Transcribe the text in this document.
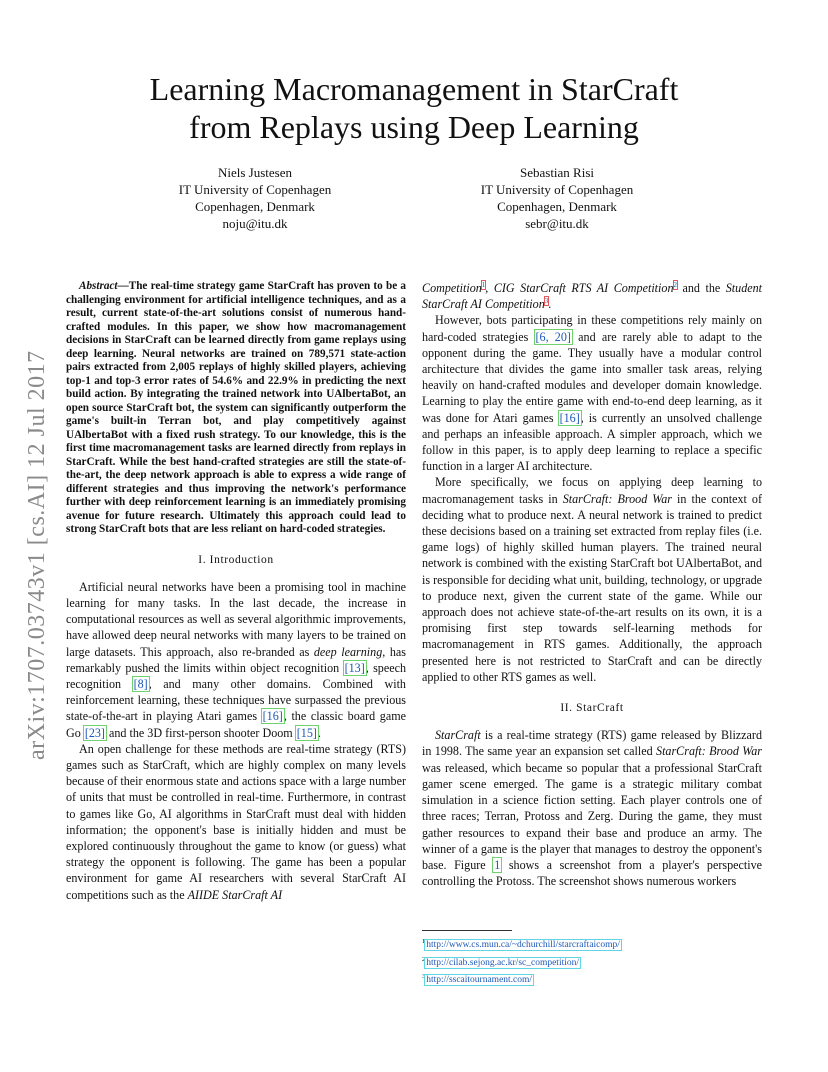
arXiv:1707.03743v1 [cs.AI] 12 Jul 2017
Learning Macromanagement in StarCraft
from Replays using Deep Learning
Niels Justesen
IT University of Copenhagen
Copenhagen, Denmark
noju@itu.dk
Sebastian Risi
IT University of Copenhagen
Copenhagen, Denmark
sebr@itu.dk

Abstract—The real-time strategy game StarCraft has proven to be a challenging environment for artificial intelligence techniques, and as a result, current state-of-the-art solutions consist of numerous hand-crafted modules. In this paper, we show how macromanagement decisions in StarCraft can be learned directly from game replays using deep learning. Neural networks are trained on 789,571 state-action pairs extracted from 2,005 replays of highly skilled players, achieving top-1 and top-3 error rates of 54.6% and 22.9% in predicting the next build action. By integrating the trained network into UAlbertaBot, an open source StarCraft bot, the system can significantly outperform the game's built-in Terran bot, and play competitively against UAlbertaBot with a fixed rush strategy. To our knowledge, this is the first time macromanagement tasks are learned directly from replays in StarCraft. While the best hand-crafted strategies are still the state-of-the-art, the deep network approach is able to express a wide range of different strategies and thus improving the network's performance further with deep reinforcement learning is an immediately promising avenue for future research. Ultimately this approach could lead to strong StarCraft bots that are less reliant on hard-coded strategies.

I. Introduction

Artificial neural networks have been a promising tool in machine learning for many tasks. In the last decade, the increase in computational resources as well as several algorithmic improvements, have allowed deep neural networks with many layers to be trained on large datasets. This approach, also re-branded as deep learning, has remarkably pushed the limits within object recognition [13], speech recognition [8], and many other domains. Combined with reinforcement learning, these techniques have surpassed the previous state-of-the-art in playing Atari games [16], the classic board game Go [23] and the 3D first-person shooter Doom [15].

An open challenge for these methods are real-time strategy (RTS) games such as StarCraft, which are highly complex on many levels because of their enormous state and actions space with a large number of units that must be controlled in real-time. Furthermore, in contrast to games like Go, AI algorithms in StarCraft must deal with hidden information; the opponent's base is initially hidden and must be explored continuously throughout the game to know (or guess) what strategy the opponent is following. The game has been a popular environment for game AI researchers with several StarCraft AI competitions such as the AIIDE StarCraft AI

Competition$^1$, CIG StarCraft RTS AI Competition$^2$ and the Student StarCraft AI Competition$^3$.

However, bots participating in these competitions rely mainly on hard-coded strategies [6, 20] and are rarely able to adapt to the opponent during the game. They usually have a modular control architecture that divides the game into smaller task areas, relying heavily on hand-crafted modules and developer domain knowledge. Learning to play the entire game with end-to-end deep learning, as it was done for Atari games [16], is currently an unsolved challenge and perhaps an infeasible approach. A simpler approach, which we follow in this paper, is to apply deep learning to replace a specific function in a larger AI architecture.

More specifically, we focus on applying deep learning to macromanagement tasks in StarCraft: Brood War in the context of deciding what to produce next. A neural network is trained to predict these decisions based on a training set extracted from replay files (i.e. game logs) of highly skilled human players. The trained neural network is combined with the existing StarCraft bot UAlbertaBot, and is responsible for deciding what unit, building, technology, or upgrade to produce next, given the current state of the game. While our approach does not achieve state-of-the-art results on its own, it is a promising first step towards self-learning methods for macromanagement in RTS games. Additionally, the approach presented here is not restricted to StarCraft and can be directly applied to other RTS games as well.

II. StarCraft

StarCraft is a real-time strategy (RTS) game released by Blizzard in 1998. The same year an expansion set called StarCraft: Brood War was released, which became so popular that a professional StarCraft gamer scene emerged. The game is a strategic military combat simulation in a science fiction setting. Each player controls one of three races; Terran, Protoss and Zerg. During the game, they must gather resources to expand their base and produce an army. The winner of a game is the player that manages to destroy the opponent's base. Figure 1 shows a screenshot from a player's perspective controlling the Protoss. The screenshot shows numerous workers

$^1$http://www.cs.mun.ca/~dchurchill/starcraftaicomp/
$^2$http://cilab.sejong.ac.kr/sc_competition/
$^3$http://sscaitournament.com/
